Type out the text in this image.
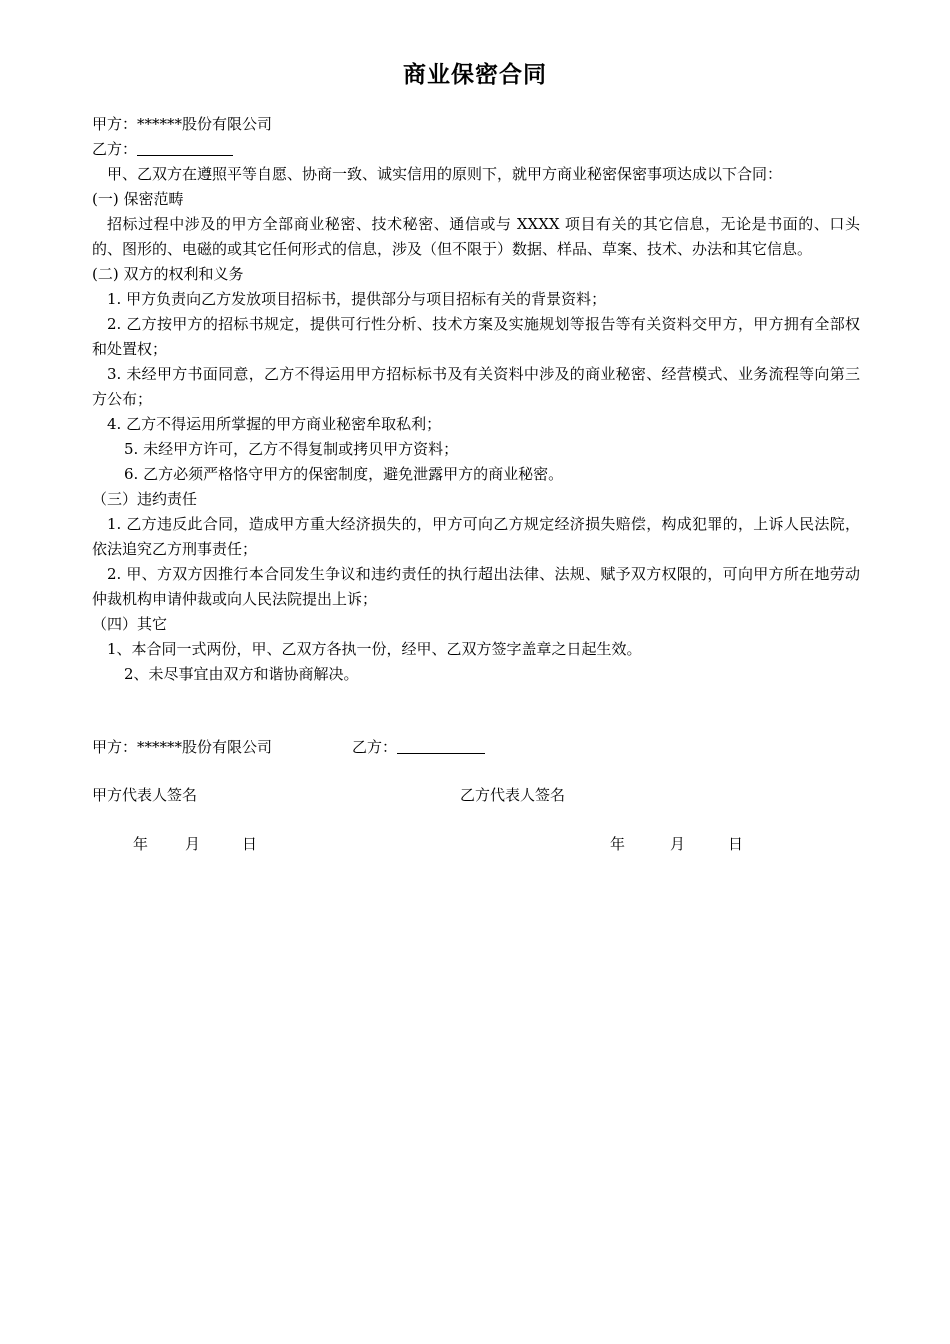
商业保密合同
甲方：******股份有限公司
乙方：
甲、乙双方在遵照平等自愿、协商一致、诚实信用的原则下，就甲方商业秘密保密事项达成以下合同：
(一) 保密范畴
招标过程中涉及的甲方全部商业秘密、技术秘密、通信或与 XXXX 项目有关的其它信息，无论是书面的、口头的、图形的、电磁的或其它任何形式的信息，涉及（但不限于）数据、样品、草案、技术、办法和其它信息。
(二) 双方的权利和义务
1. 甲方负责向乙方发放项目招标书，提供部分与项目招标有关的背景资料；
2. 乙方按甲方的招标书规定，提供可行性分析、技术方案及实施规划等报告等有关资料交甲方，甲方拥有全部权和处置权；
3. 未经甲方书面同意，乙方不得运用甲方招标标书及有关资料中涉及的商业秘密、经营模式、业务流程等向第三方公布；
4. 乙方不得运用所掌握的甲方商业秘密牟取私利；
5. 未经甲方许可，乙方不得复制或拷贝甲方资料；
6. 乙方必须严格恪守甲方的保密制度，避免泄露甲方的商业秘密。
（三）违约责任
1. 乙方违反此合同，造成甲方重大经济损失的，甲方可向乙方规定经济损失赔偿，构成犯罪的，上诉人民法院，依法追究乙方刑事责任；
2. 甲、方双方因推行本合同发生争议和违约责任的执行超出法律、法规、赋予双方权限的，可向甲方所在地劳动仲裁机构申请仲裁或向人民法院提出上诉；
（四）其它
1、本合同一式两份，甲、乙双方各执一份，经甲、乙双方签字盖章之日起生效。
2、未尽事宜由双方和谐协商解决。
甲方：******股份有限公司	乙方：
甲方代表人签名	乙方代表人签名
年 月	日	年	月	日
